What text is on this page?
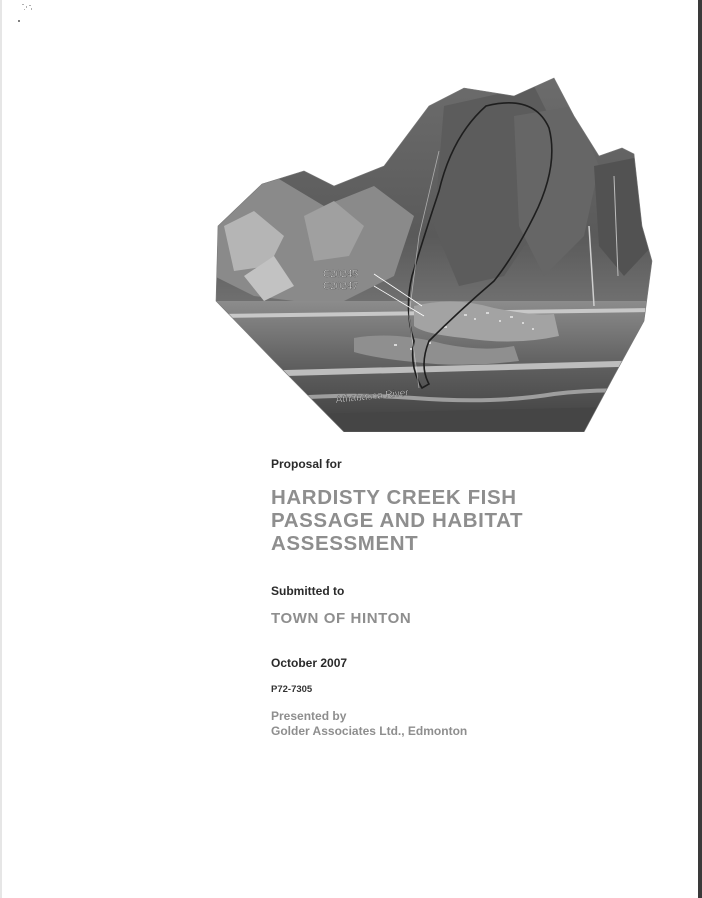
C20245
C20247
Athabasca River

Proposal for

HARDISTY CREEK FISH
PASSAGE AND HABITAT
ASSESSMENT

Submitted to

TOWN OF HINTON

October 2007

P72-7305

Presented by
Golder Associates Ltd., Edmonton
